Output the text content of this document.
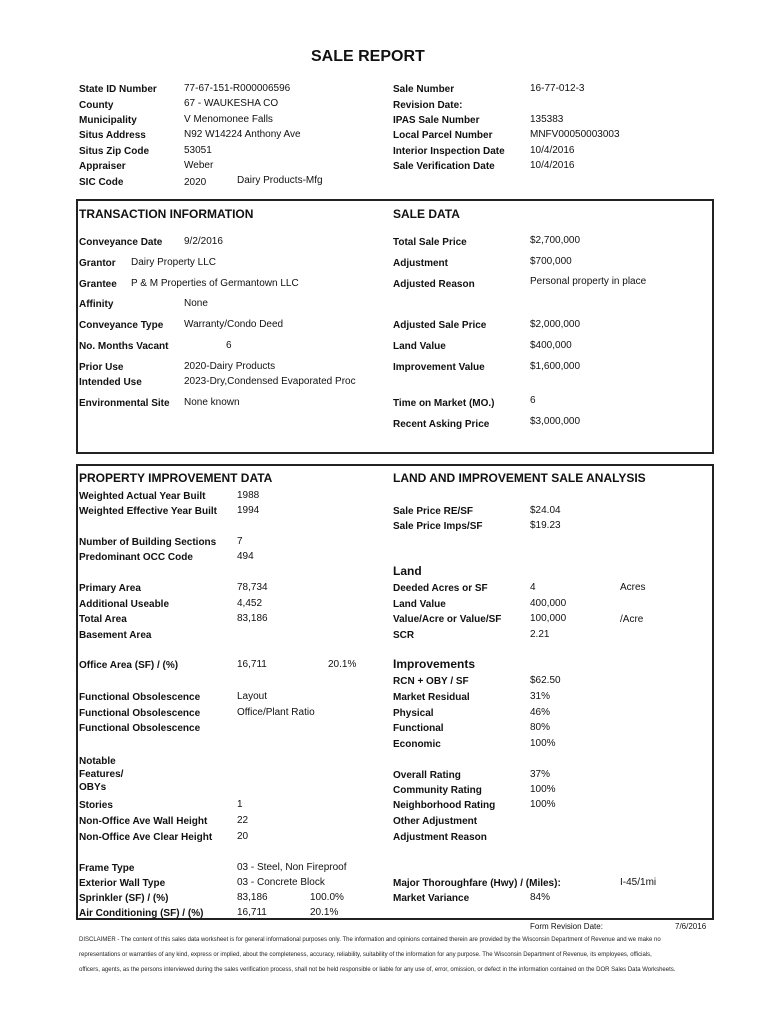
SALE REPORT
State ID Number	77-67-151-R000006596
County	67 - WAUKESHA CO
Municipality	V Menomonee Falls
Situs Address	N92 W14224 Anthony Ave
Situs Zip Code	53051
Appraiser	Weber
SIC Code	2020	Dairy Products-Mfg
Sale Number	16-77-012-3
Revision Date:
IPAS Sale Number	135383
Local Parcel Number	MNFV00050003003
Interior Inspection Date	10/4/2016
Sale Verification Date	10/4/2016
TRANSACTION INFORMATION	SALE DATA
Conveyance Date 9/2/2016
Grantor Dairy Property LLC
Grantee P & M Properties of Germantown LLC
Affinity	None
Conveyance Type Warranty/Condo Deed
No. Months Vacant	6
Prior Use	2020-Dairy Products
Intended Use	2023-Dry,Condensed Evaporated Proc
Environmental Site None known
Total Sale Price	$2,700,000
Adjustment	$700,000
Adjusted Reason	Personal property in place
Adjusted Sale Price	$2,000,000
Land Value	$400,000
Improvement Value	$1,600,000
Time on Market (MO.)	6
Recent Asking Price	$3,000,000
PROPERTY IMPROVEMENT DATA	LAND AND IMPROVEMENT SALE ANALYSIS
Weighted Actual Year Built	1988
Weighted Effective Year Built 1994
Number of Building Sections 7
Predominant OCC Code	494
Primary Area	78,734
Additional Useable	4,452
Total Area	83,186
Basement Area
Office Area (SF) / (%)	16,711	20.1%
Functional Obsolescence	Layout
Functional Obsolescence	Office/Plant Ratio
Functional Obsolescence
Notable
Features/
OBYs
Stories	1
Non-Office Ave Wall Height	22
Non-Office Ave Clear Height 20
Frame Type	03 - Steel, Non Fireproof
Exterior Wall Type	03 - Concrete Block
Sprinkler (SF) / (%)	83,186	100.0%
Air Conditioning (SF) / (%)	16,711	20.1%
Sale Price RE/SF	$24.04
Sale Price Imps/SF	$19.23
Land
Deeded Acres or SF	4	Acres
Land Value	400,000
Value/Acre or Value/SF	100,000	/Acre
SCR	2.21
Improvements
RCN + OBY / SF	$62.50
Market Residual	31%
Physical	46%
Functional	80%
Economic	100%
Overall Rating	37%
Community Rating	100%
Neighborhood Rating	100%
Other Adjustment
Adjustment Reason
Major Thoroughfare (Hwy) / (Miles):	I-45/1mi
Market Variance	84%
Form Revision Date:	7/6/2016
DISCLAIMER - The content of this sales data worksheet is for general informational purposes only. The information and opinions contained therein are provided by the Wisconsin Department of Revenue and we make no
representations or warranties of any kind, express or implied, about the completeness, accuracy, reliability, suitability of the information for any purpose. The Wisconsin Department of Revenue, its employees, officials,
officers, agents, as the persons interviewed during the sales verification process, shall not be held responsible or liable for any use of, error, omission, or defect in the information contained on the DOR Sales Data Worksheets.
